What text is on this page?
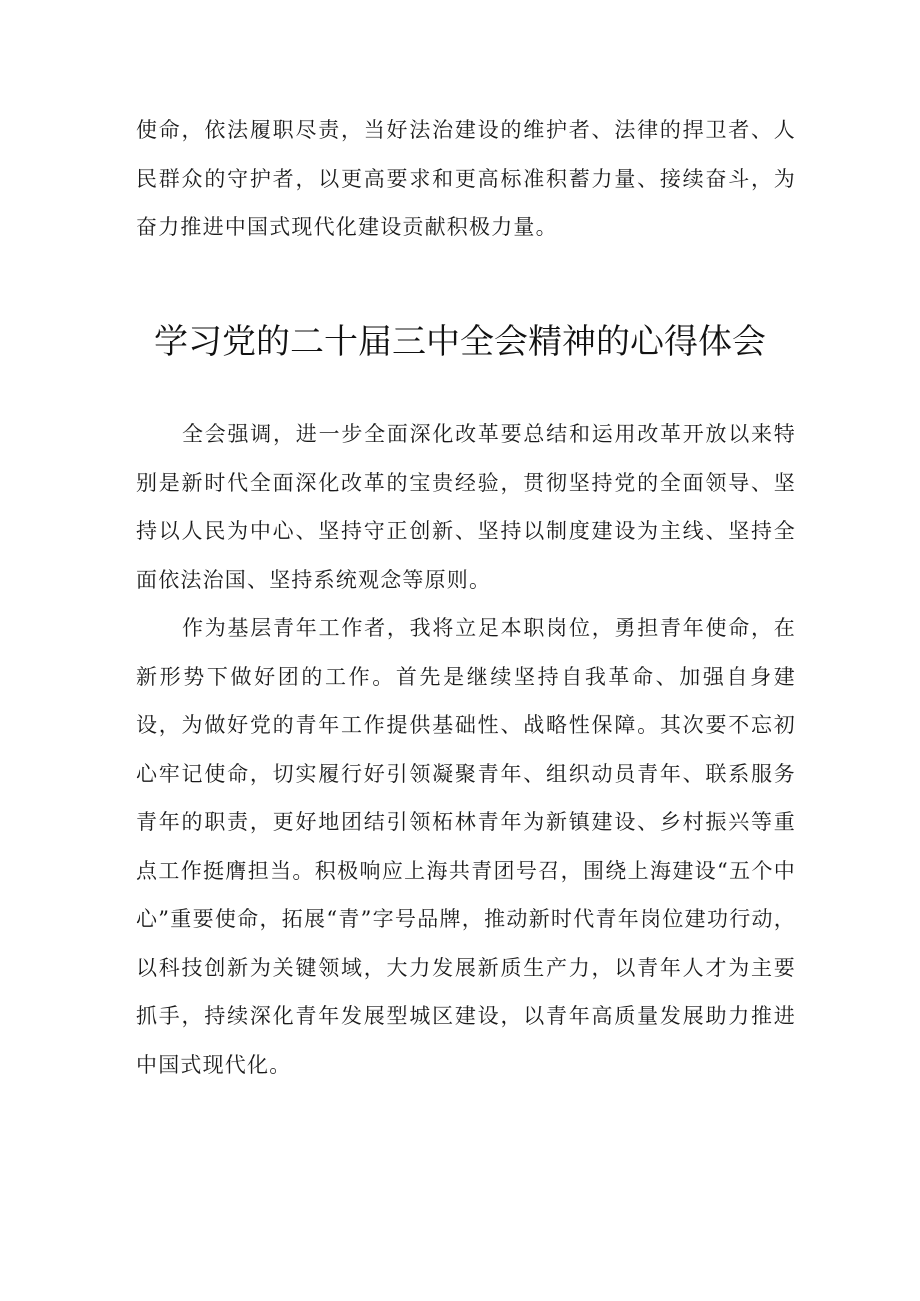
使命，依法履职尽责，当好法治建设的维护者、法律的捍卫者、人民群众的守护者，以更高要求和更高标准积蓄力量、接续奋斗，为奋力推进中国式现代化建设贡献积极力量。

学习党的二十届三中全会精神的心得体会

全会强调，进一步全面深化改革要总结和运用改革开放以来特别是新时代全面深化改革的宝贵经验，贯彻坚持党的全面领导、坚持以人民为中心、坚持守正创新、坚持以制度建设为主线、坚持全面依法治国、坚持系统观念等原则。

作为基层青年工作者，我将立足本职岗位，勇担青年使命，在新形势下做好团的工作。首先是继续坚持自我革命、加强自身建设，为做好党的青年工作提供基础性、战略性保障。其次要不忘初心牢记使命，切实履行好引领凝聚青年、组织动员青年、联系服务青年的职责，更好地团结引领柘林青年为新镇建设、乡村振兴等重点工作挺膺担当。积极响应上海共青团号召，围绕上海建设“五个中心”重要使命，拓展“青”字号品牌，推动新时代青年岗位建功行动，以科技创新为关键领域，大力发展新质生产力，以青年人才为主要抓手，持续深化青年发展型城区建设，以青年高质量发展助力推进中国式现代化。
